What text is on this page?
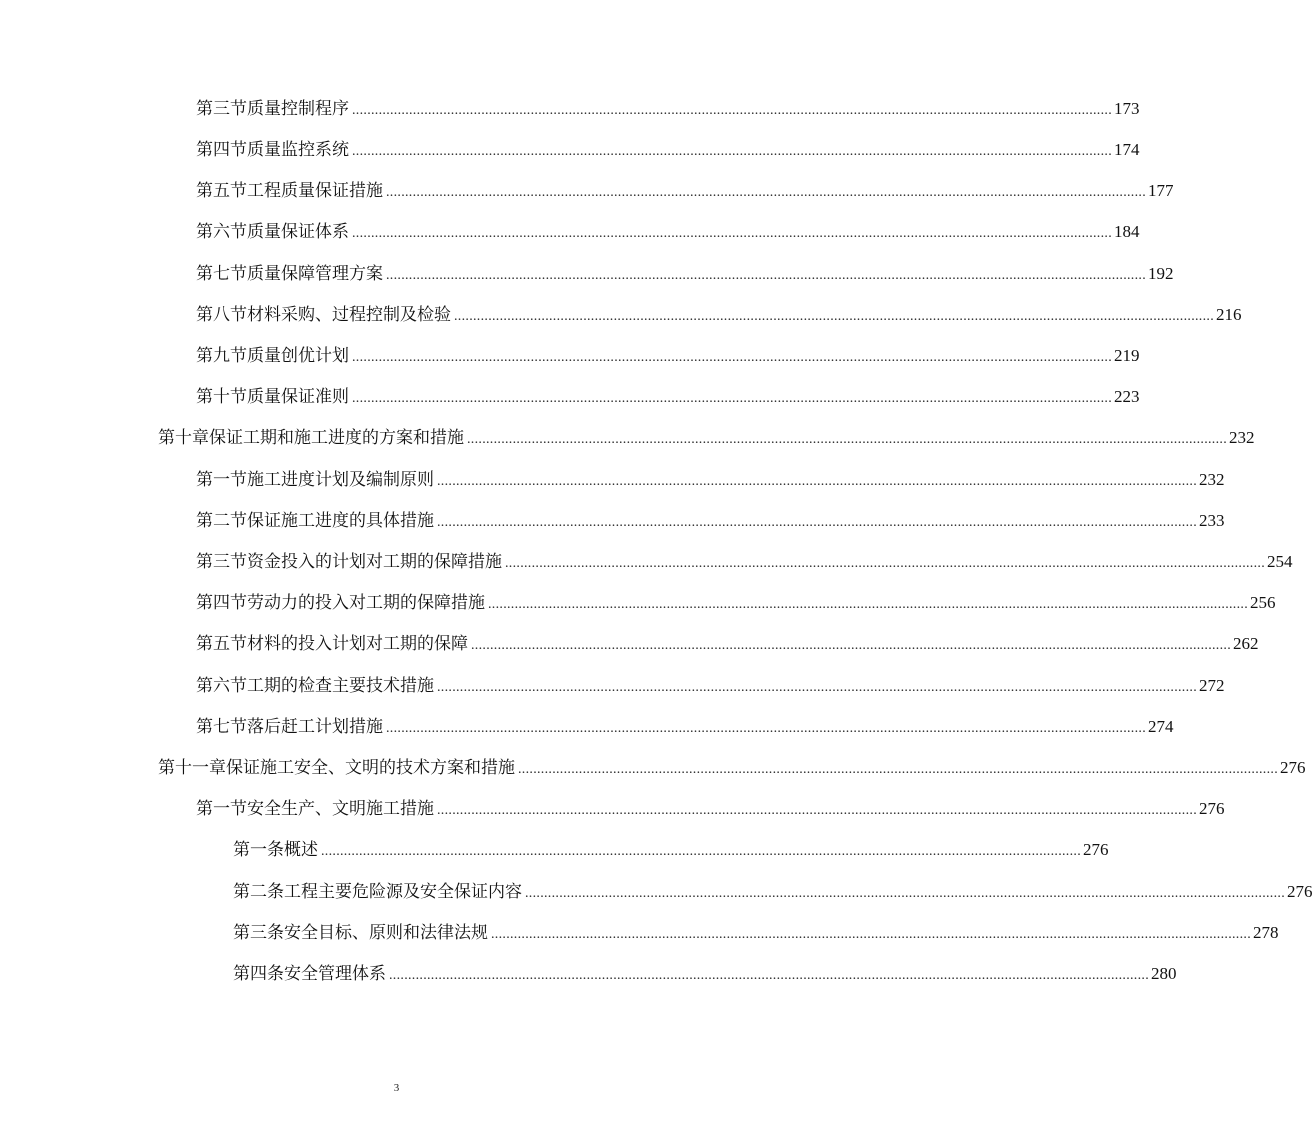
第三节 质量控制程序 ........................................................................................................................................................................................................ 173
第四节 质量监控系统 ........................................................................................................................................................................................................ 174
第五节 工程质量保证措施 ........................................................................................................................................................................................................ 177
第六节 质量保证体系 ........................................................................................................................................................................................................ 184
第七节 质量保障管理方案 ........................................................................................................................................................................................................ 192
第八节 材料采购、过程控制及检验 ........................................................................................................................................................................................................ 216
第九节 质量创优计划 ........................................................................................................................................................................................................ 219
第十节 质量保证准则 ........................................................................................................................................................................................................ 223
第十章 保证工期和施工进度的方案和措施 ........................................................................................................................................................................................................ 232
第一节 施工进度计划及编制原则 ........................................................................................................................................................................................................ 232
第二节 保证施工进度的具体措施 ........................................................................................................................................................................................................ 233
第三节 资金投入的计划对工期的保障措施 ........................................................................................................................................................................................................ 254
第四节 劳动力的投入对工期的保障措施 ........................................................................................................................................................................................................ 256
第五节 材料的投入计划对工期的保障 ........................................................................................................................................................................................................ 262
第六节 工期的检查主要技术措施 ........................................................................................................................................................................................................ 272
第七节 落后赶工计划措施 ........................................................................................................................................................................................................ 274
第十一章 保证施工安全、文明的技术方案和措施 ........................................................................................................................................................................................................ 276
第一节 安全生产、文明施工措施 ........................................................................................................................................................................................................ 276
第一条 概述 ........................................................................................................................................................................................................ 276
第二条 工程主要危险源及安全保证内容 ........................................................................................................................................................................................................ 276
第三条 安全目标、原则和法律法规 ........................................................................................................................................................................................................ 278
第四条 安全管理体系 ........................................................................................................................................................................................................ 280
3
